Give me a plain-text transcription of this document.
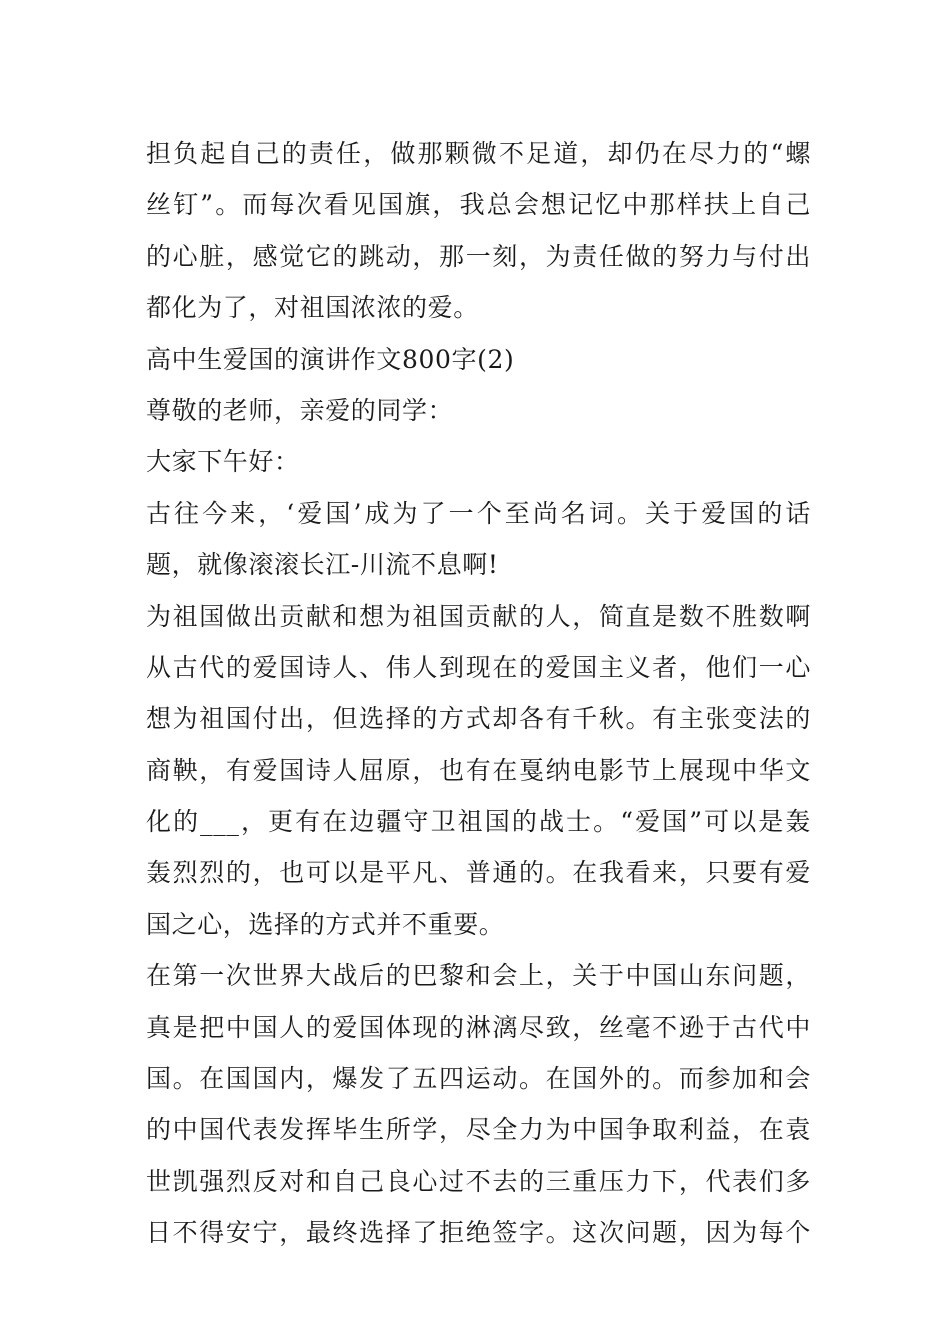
担负起自己的责任，做那颗微不足道，却仍在尽力的“螺
丝钉”。而每次看见国旗，我总会想记忆中那样扶上自己
的心脏，感觉它的跳动，那一刻，为责任做的努力与付出
都化为了，对祖国浓浓的爱。
高中生爱国的演讲作文800字(2)
尊敬的老师，亲爱的同学：
大家下午好：
古往今来，‘爱国’成为了一个至尚名词。关于爱国的话
题，就像滚滚长江-川流不息啊!
为祖国做出贡献和想为祖国贡献的人，简直是数不胜数啊
从古代的爱国诗人、伟人到现在的爱国主义者，他们一心
想为祖国付出，但选择的方式却各有千秋。有主张变法的
商鞅，有爱国诗人屈原，也有在戛纳电影节上展现中华文
化的___，更有在边疆守卫祖国的战士。“爱国”可以是轰
轰烈烈的，也可以是平凡、普通的。在我看来，只要有爱
国之心，选择的方式并不重要。
在第一次世界大战后的巴黎和会上，关于中国山东问题，
真是把中国人的爱国体现的淋漓尽致，丝毫不逊于古代中
国。在国国内，爆发了五四运动。在国外的。而参加和会
的中国代表发挥毕生所学，尽全力为中国争取利益，在袁
世凯强烈反对和自己良心过不去的三重压力下，代表们多
日不得安宁，最终选择了拒绝签字。这次问题，因为每个
